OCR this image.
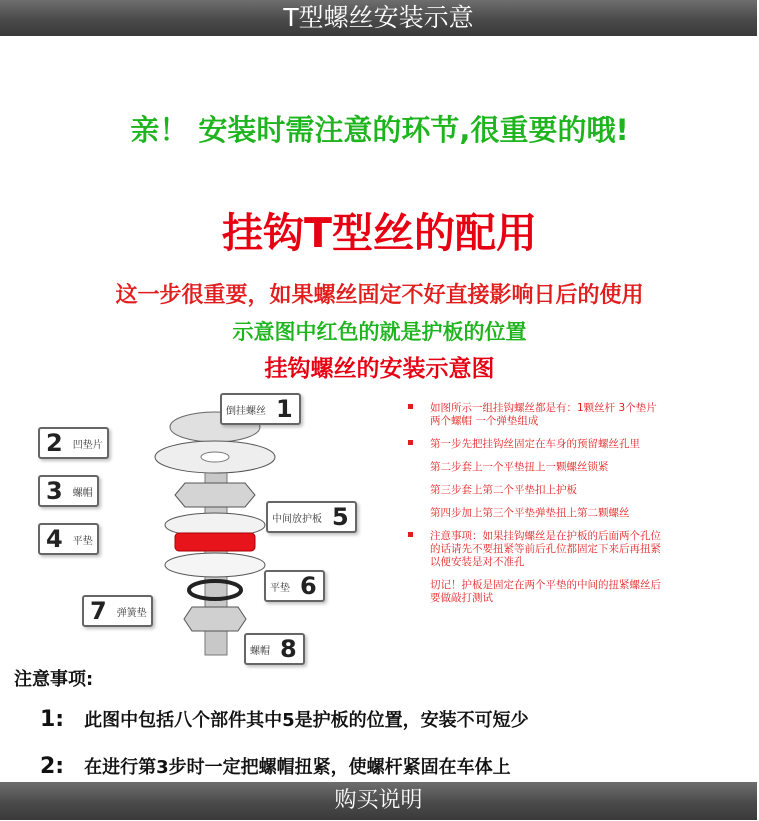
T型螺丝安装示意
亲！ 安装时需注意的环节,很重要的哦!
挂钩T型丝的配用
这一步很重要，如果螺丝固定不好直接影响日后的使用
示意图中红色的就是护板的位置
挂钩螺丝的安装示意图
倒挂螺丝 1
2	凹垫片
3	螺帽
4	平垫
中间放护板 5
平垫 6
7	弹簧垫
螺帽 8
如图所示一组挂钩螺丝都是有：1颗丝杆 3个垫片 两个螺帽 一个弹垫组成
第一步先把挂钩丝固定在车身的预留螺丝孔里
第二步套上一个平垫扭上一颗螺丝锁紧
第三步套上第二个平垫扣上护板
第四步加上第三个平垫弹垫扭上第二颗螺丝
注意事项：如果挂钩螺丝是在护板的后面两个孔位的话请先不要扭紧等前后孔位都固定下来后再扭紧以便安装是对不准孔
切记！护板是固定在两个平垫的中间的扭紧螺丝后要做敲打测试
注意事项:
1: 此图中包括八个部件其中5是护板的位置，安装不可短少
2: 在进行第3步时一定把螺帽扭紧，使螺杆紧固在车体上
购买说明
